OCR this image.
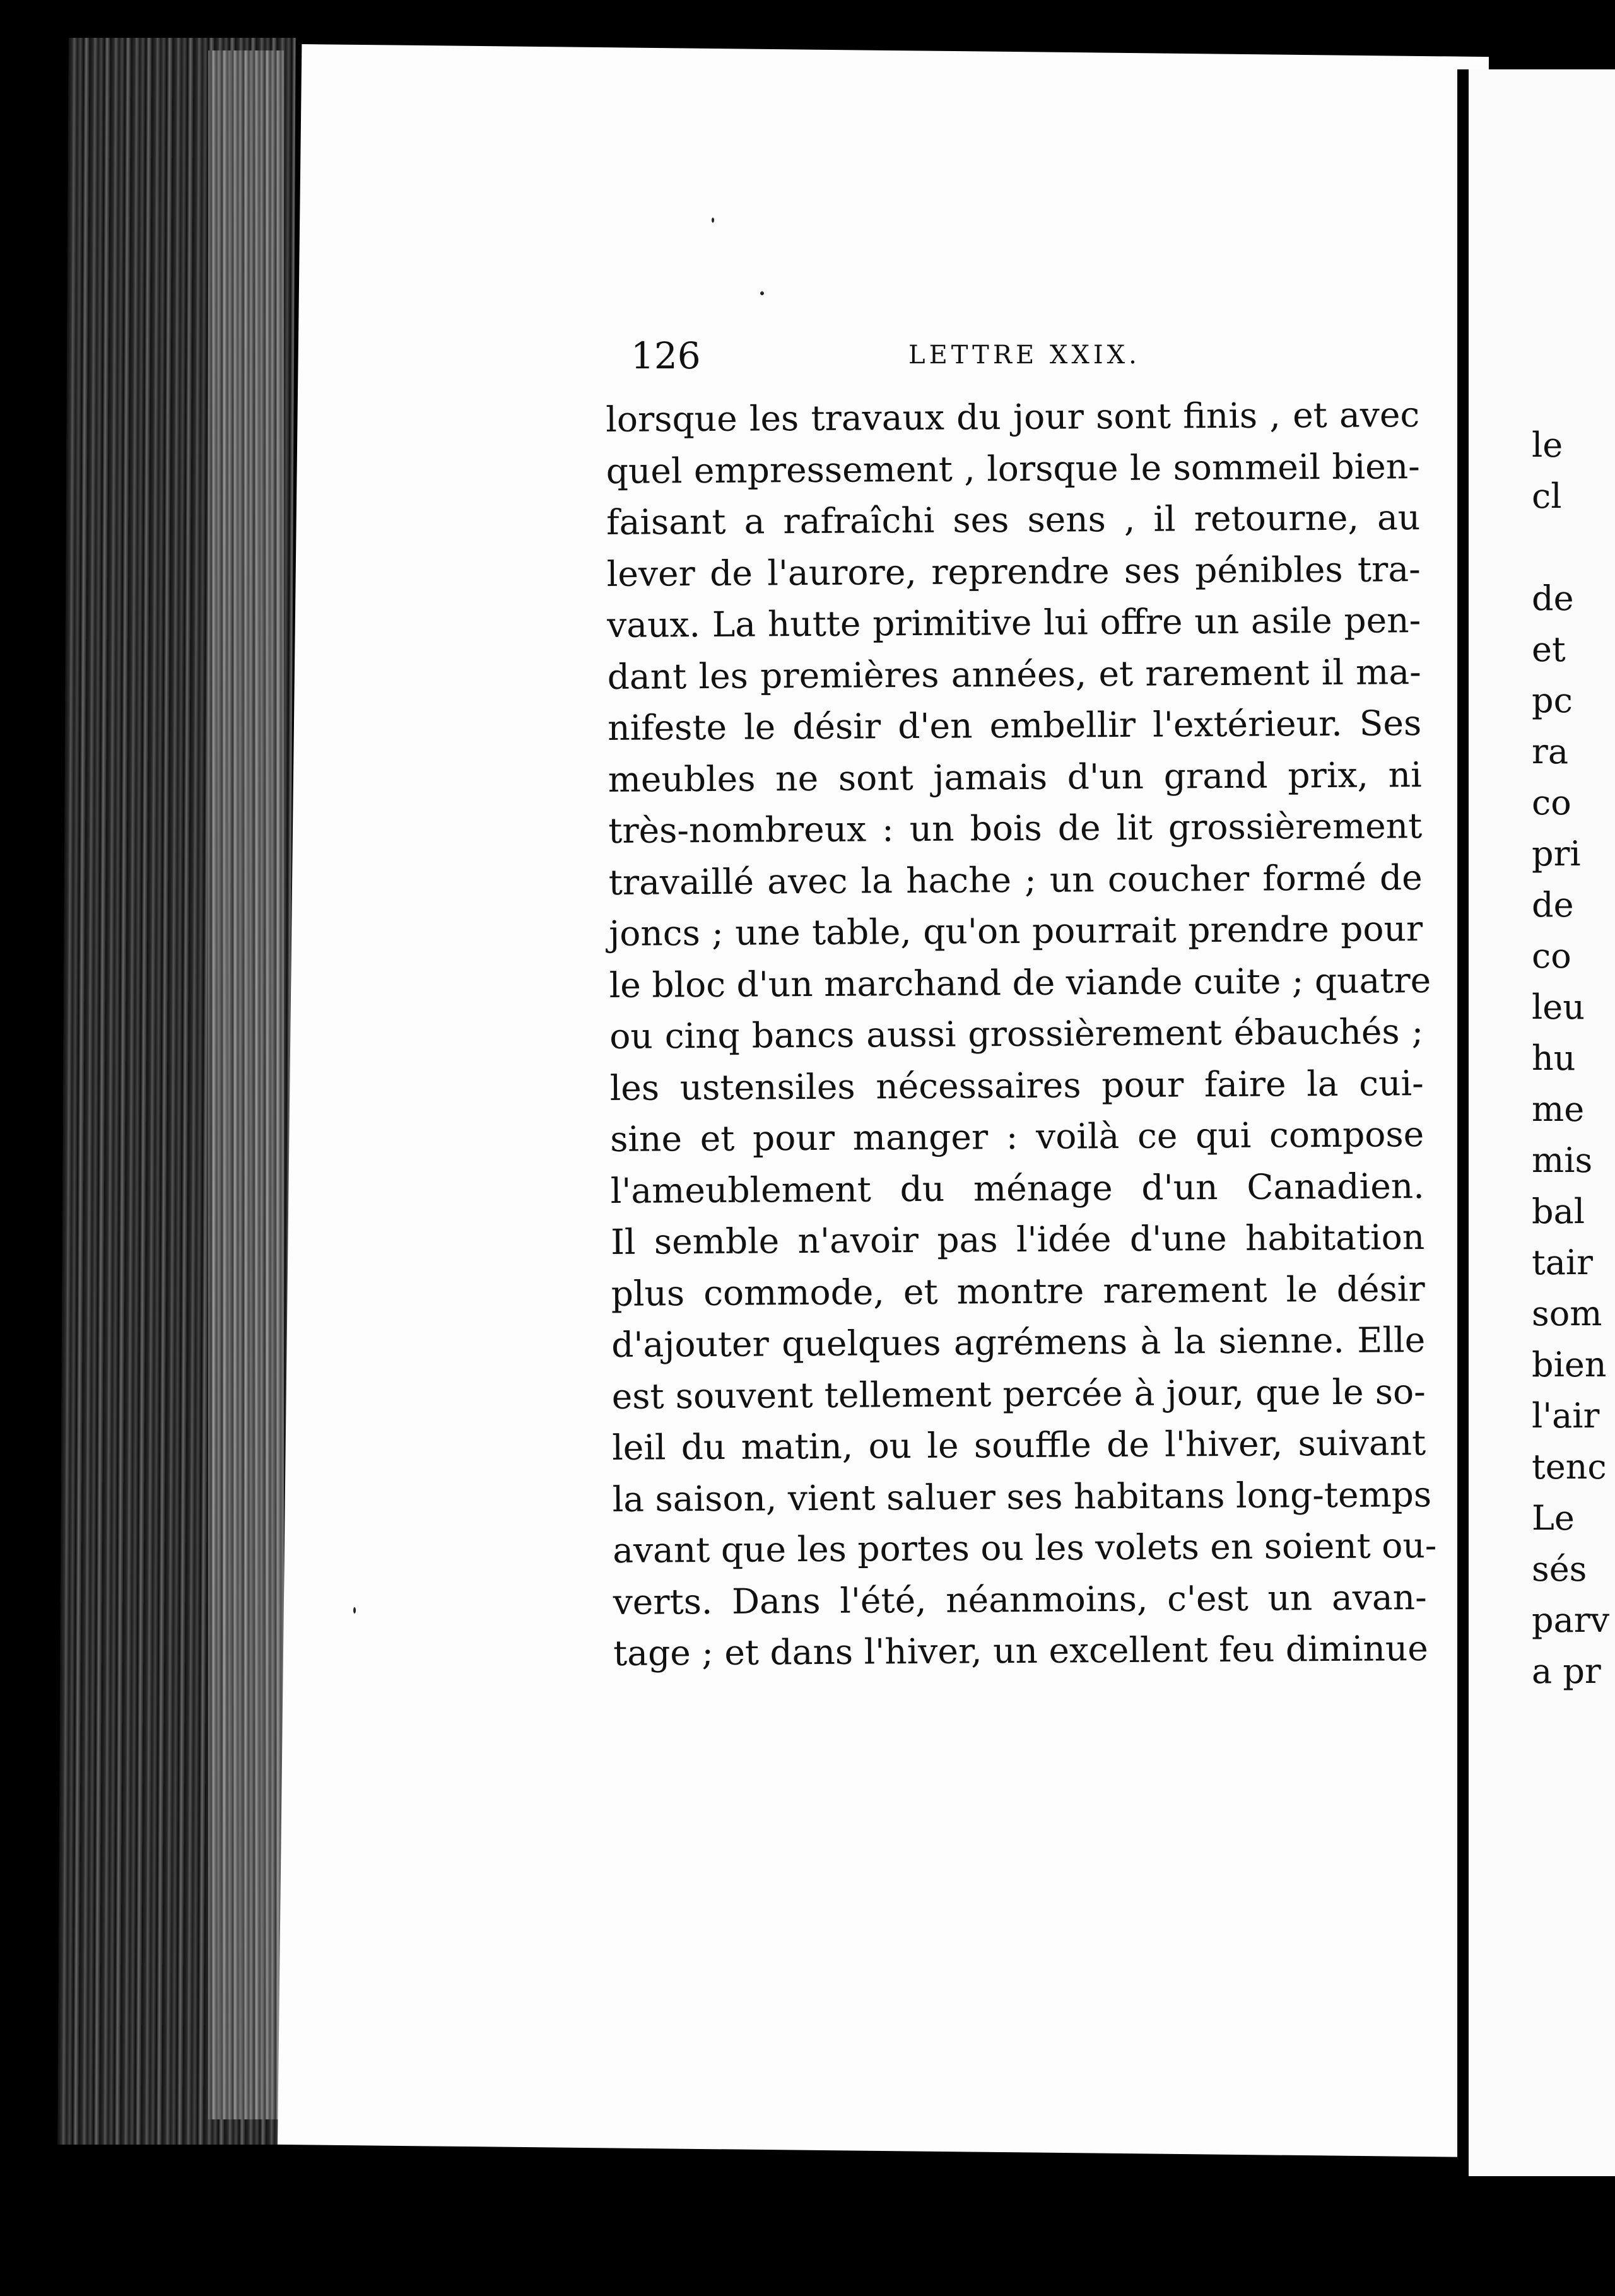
126	LETTRE XXIX.
lorsque les travaux du jour sont finis , et avec
quel empressement , lorsque le sommeil bien-
faisant a rafraîchi ses sens , il retourne, au
lever de l'aurore, reprendre ses pénibles tra-
vaux. La hutte primitive lui offre un asile pen-
dant les premières années, et rarement il ma-
nifeste le désir d'en embellir l'extérieur. Ses
meubles ne sont jamais d'un grand prix, ni
très-nombreux : un bois de lit grossièrement
travaillé avec la hache ; un coucher formé de
joncs ; une table, qu'on pourrait prendre pour
le bloc d'un marchand de viande cuite ; quatre
ou cinq bancs aussi grossièrement ébauchés ;
les ustensiles nécessaires pour faire la cui-
sine et pour manger : voilà ce qui compose
l'ameublement du ménage d'un Canadien.
Il semble n'avoir pas l'idée d'une habitation
plus commode, et montre rarement le désir
d'ajouter quelques agrémens à la sienne. Elle
est souvent tellement percée à jour, que le so-
leil du matin, ou le souffle de l'hiver, suivant
la saison, vient saluer ses habitans long-temps
avant que les portes ou les volets en soient ou-
verts. Dans l'été, néanmoins, c'est un avan-
tage ; et dans l'hiver, un excellent feu diminue
le
cl
de
et
pc
ra
co
pri
de
co
leu
hu
me
mis
bal
tair
som
bien
l'air
tenc
Le
sés
parv
a pr
